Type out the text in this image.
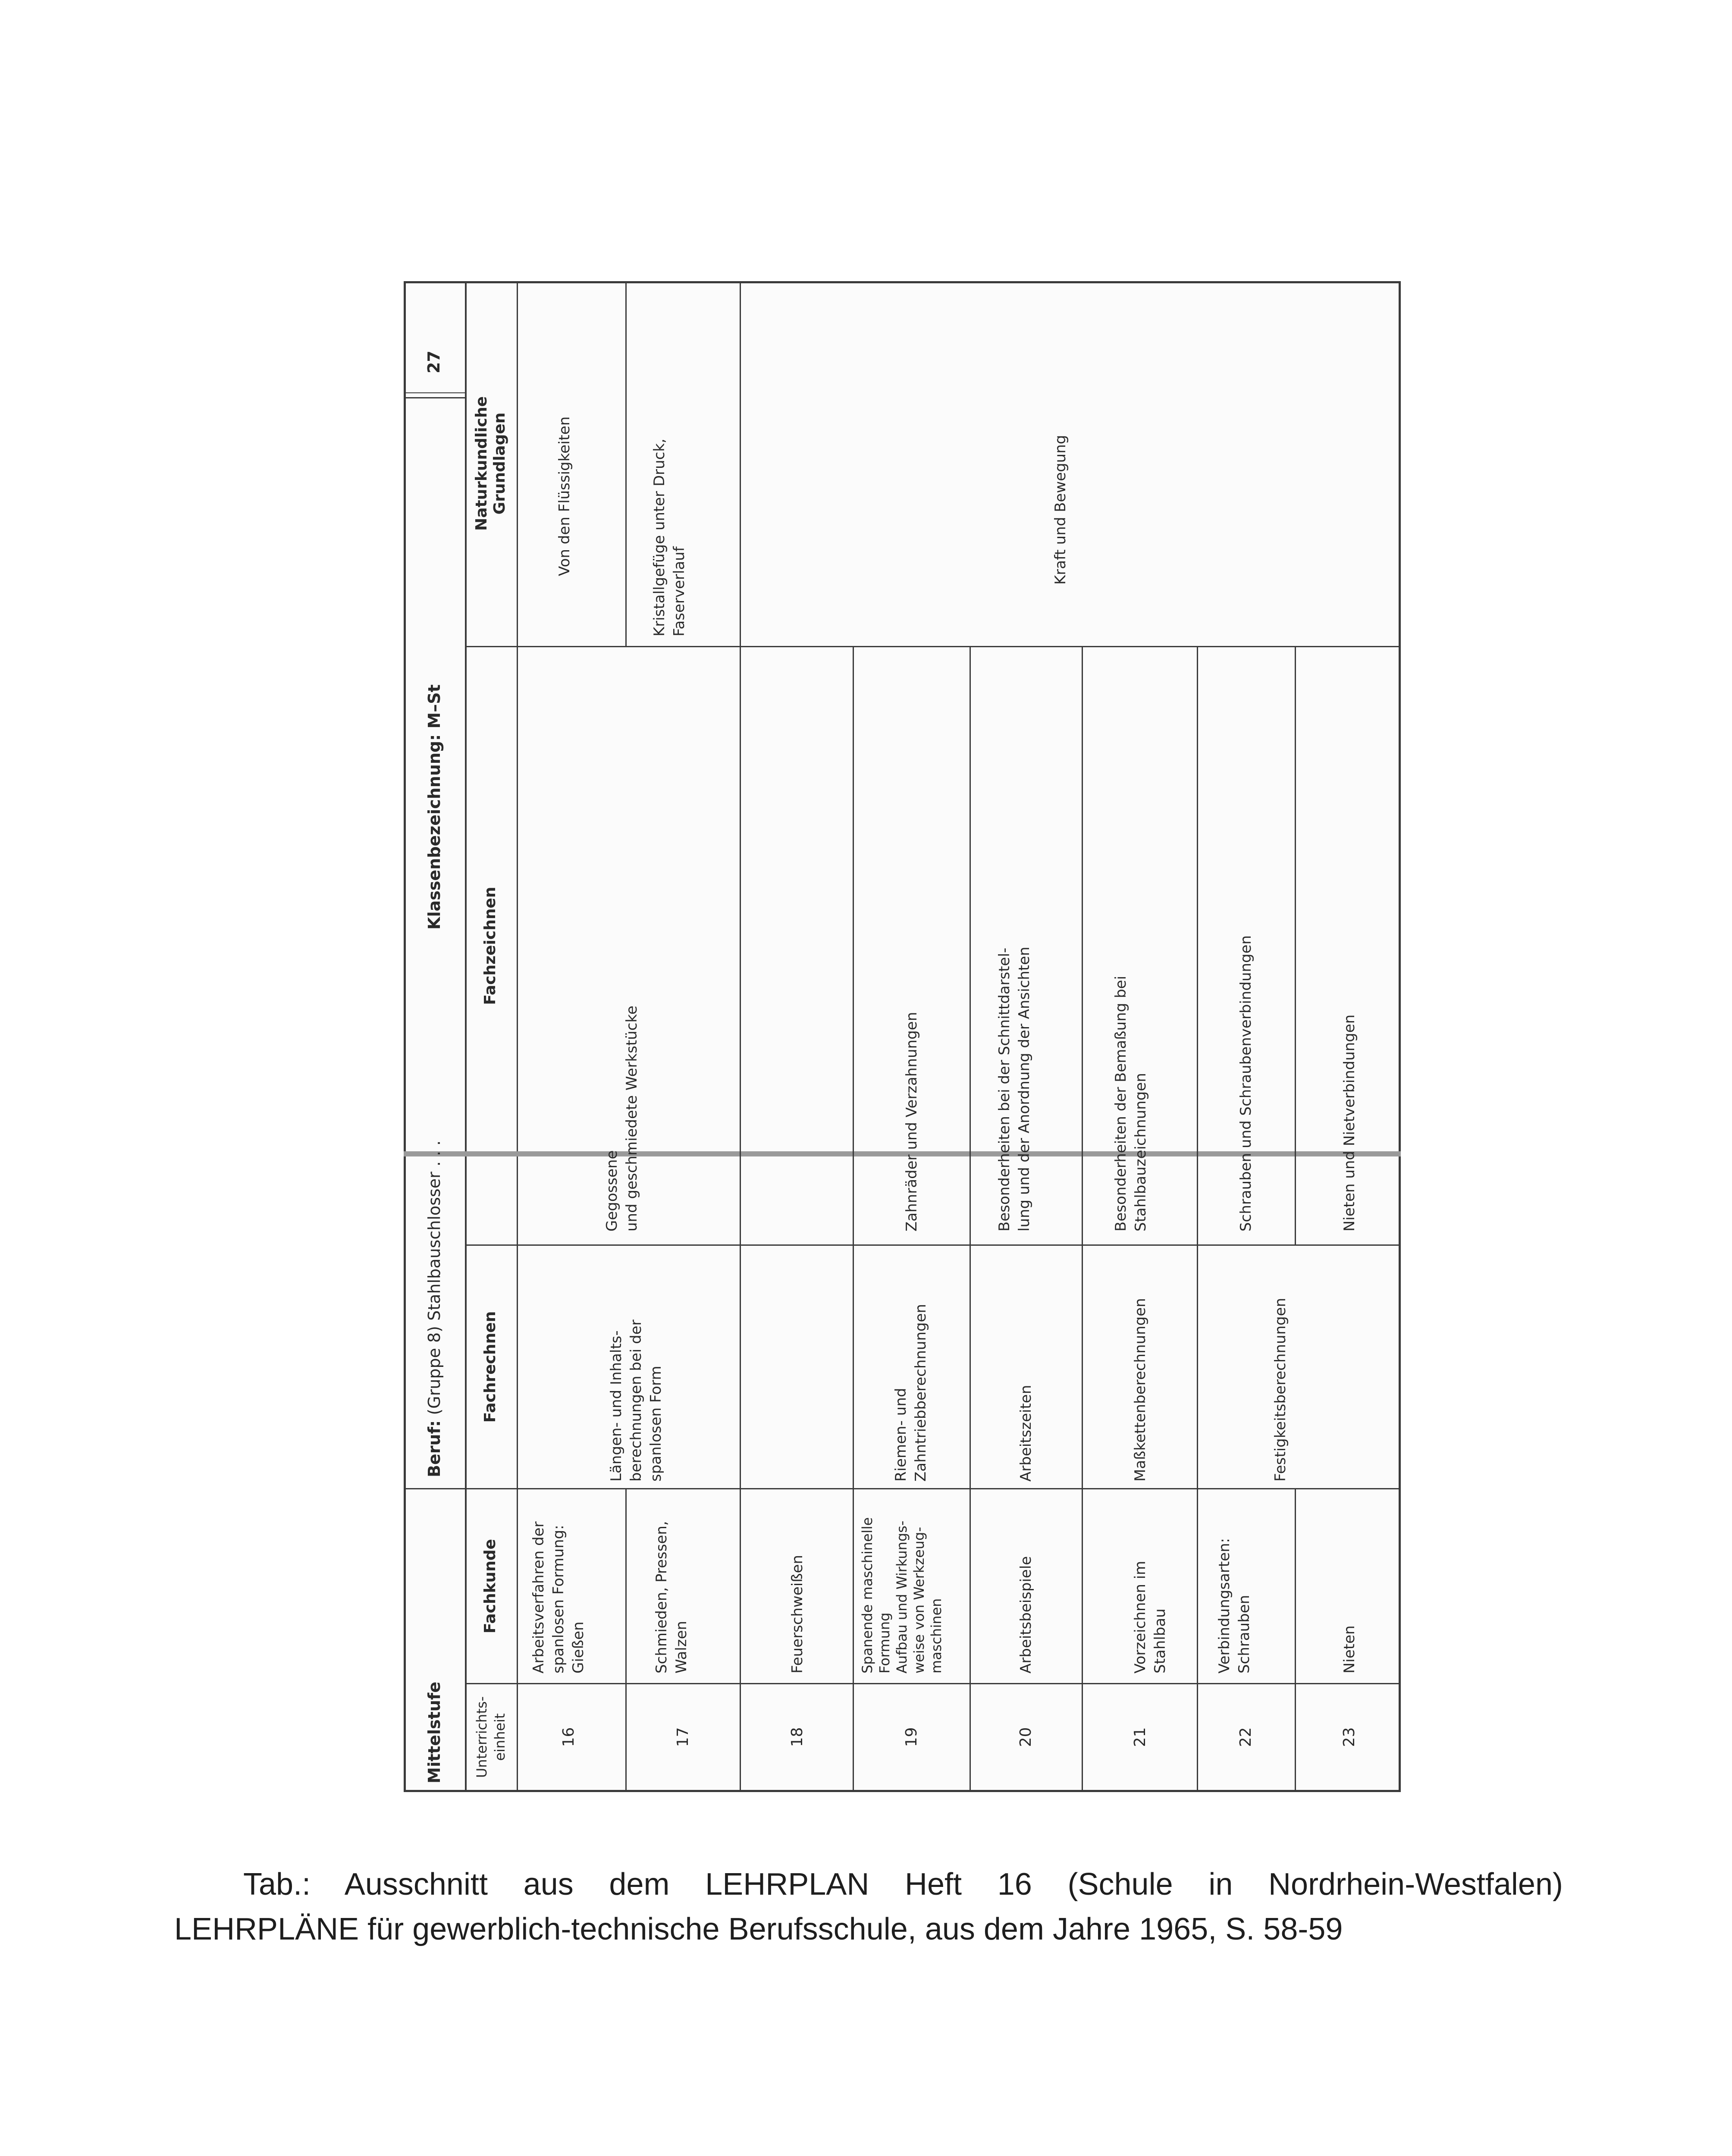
Mittelstufe
Beruf: (Gruppe 8) Stahlbauschlosser . . .
Klassenbezeichnung: M–St
27
Unterrichts-
einheit
Fachkunde
Fachrechnen
Fachzeichnen
Naturkundliche
Grundlagen
16
Arbeitsverfahren der
spanlosen Formung:
Gießen
Von den Flüssigkeiten
17
Schmieden, Pressen,
Walzen
Kristallgefüge unter Druck,
Faserverlauf
Längen- und Inhalts-
berechnungen bei der
spanlosen Form
Gegossene
und geschmiedete Werkstücke
18
Feuerschweißen
19
Spanende maschinelle
Formung
Aufbau und Wirkungs-
weise von Werkzeug-
maschinen
Riemen- und
Zahntriebberechnungen
Zahnräder und Verzahnungen
20
Arbeitsbeispiele
Arbeitszeiten
Besonderheiten bei der Schnittdarstel-
lung und der Anordnung der Ansichten
21
Vorzeichnen im Stahlbau
Maßkettenberechnungen
Besonderheiten der Bemaßung bei
Stahlbauzeichnungen
22
Verbindungsarten:
Schrauben
Schrauben und Schraubenverbindungen
23
Nieten
Nieten und Nietverbindungen
Festigkeitsberechnungen
Kraft und Bewegung
Tab.: Ausschnitt aus dem LEHRPLAN Heft 16 (Schule in Nordrhein-Westfalen)
LEHRPLÄNE für gewerblich-technische Berufsschule, aus dem Jahre 1965, S. 58-59
